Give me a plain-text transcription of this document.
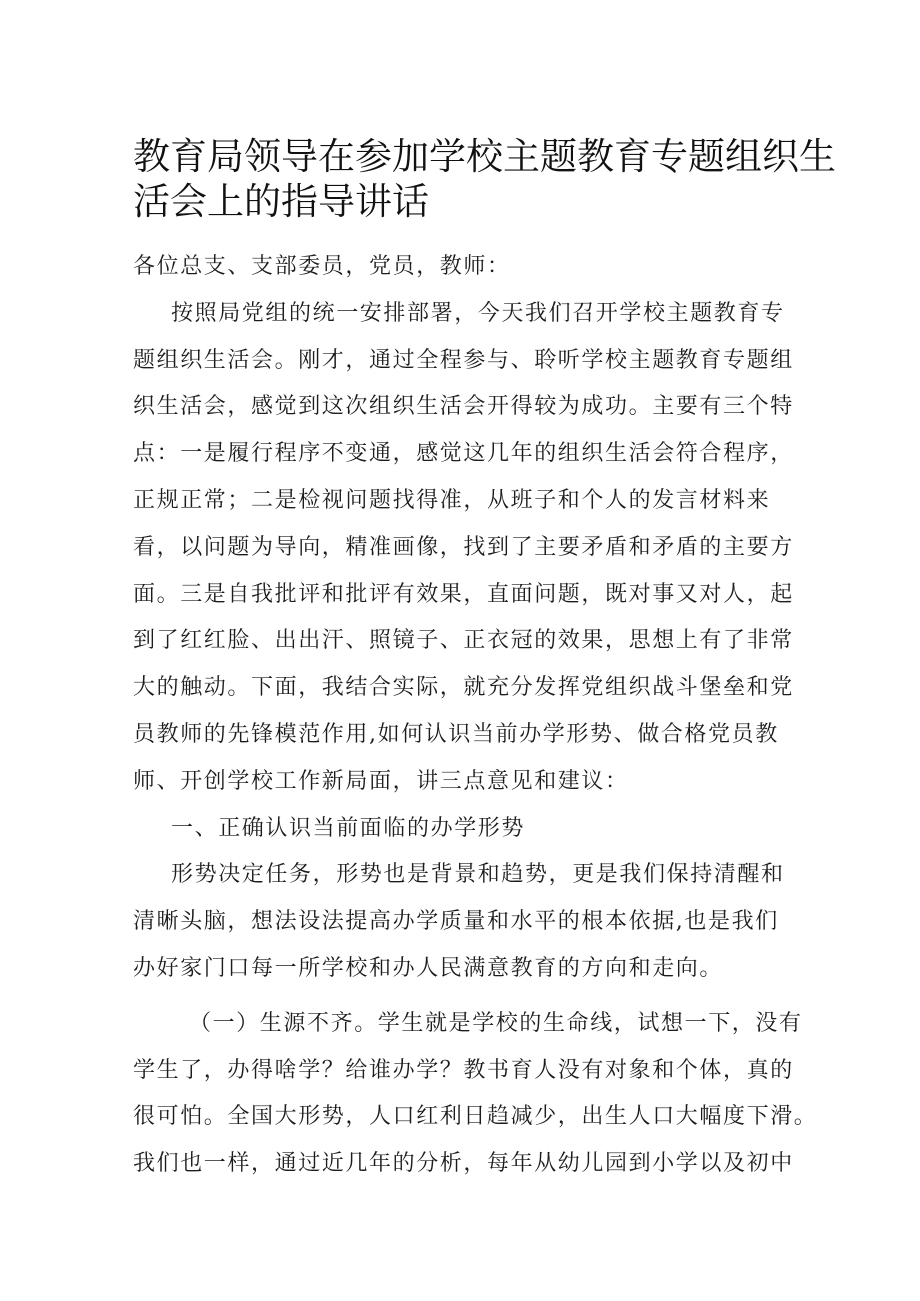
教育局领导在参加学校主题教育专题组织生
活会上的指导讲话
各位总支、支部委员，党员，教师：
按照局党组的统一安排部署，今天我们召开学校主题教育专
题组织生活会。刚才，通过全程参与、聆听学校主题教育专题组
织生活会，感觉到这次组织生活会开得较为成功。主要有三个特
点：一是履行程序不变通，感觉这几年的组织生活会符合程序，
正规正常；二是检视问题找得准，从班子和个人的发言材料来
看，以问题为导向，精准画像，找到了主要矛盾和矛盾的主要方
面。三是自我批评和批评有效果，直面问题，既对事又对人，起
到了红红脸、出出汗、照镜子、正衣冠的效果，思想上有了非常
大的触动。下面，我结合实际，就充分发挥党组织战斗堡垒和党
员教师的先锋模范作用,如何认识当前办学形势、做合格党员教
师、开创学校工作新局面，讲三点意见和建议：
一、正确认识当前面临的办学形势
形势决定任务，形势也是背景和趋势，更是我们保持清醒和
清晰头脑，想法设法提高办学质量和水平的根本依据,也是我们
办好家门口每一所学校和办人民满意教育的方向和走向。
（一）生源不齐。学生就是学校的生命线，试想一下，没有
学生了，办得啥学？给谁办学？教书育人没有对象和个体，真的
很可怕。全国大形势，人口红利日趋减少，出生人口大幅度下滑。
我们也一样，通过近几年的分析，每年从幼儿园到小学以及初中
